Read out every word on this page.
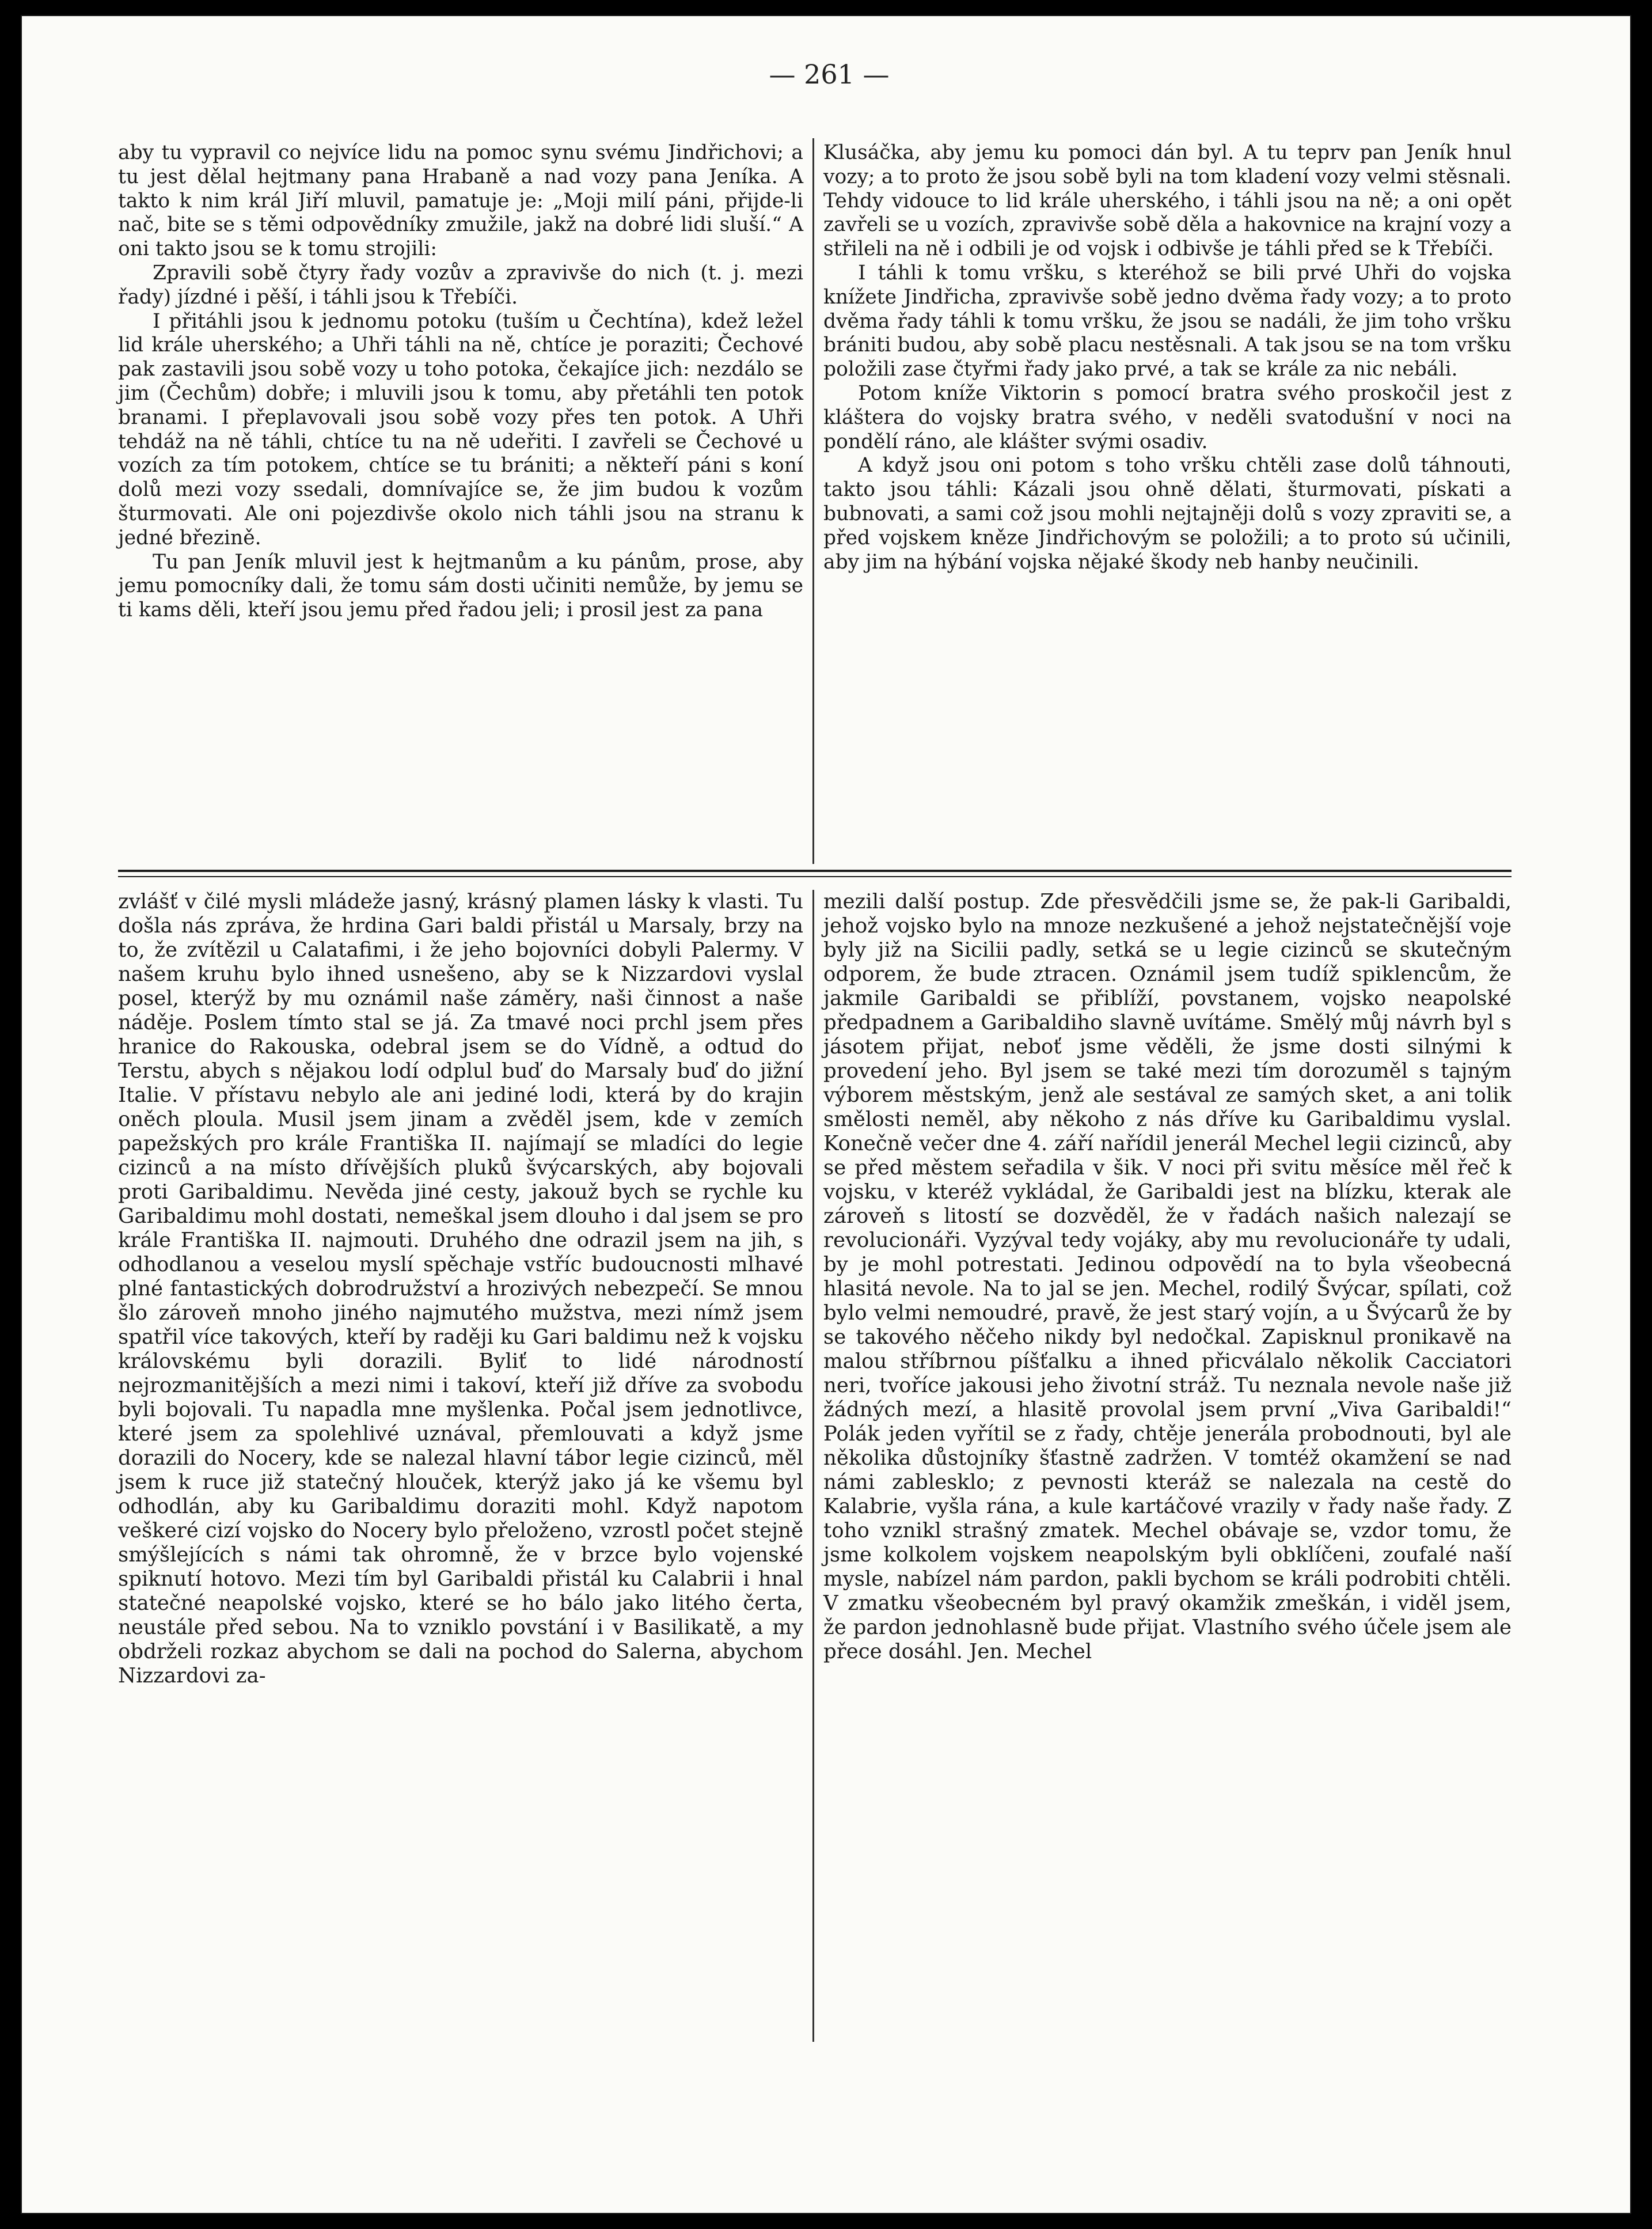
— 261 —

aby tu vypravil co nejvíce lidu na pomoc synu svému Jindřichovi; a tu jest dělal hejtmany pana Hrabaně a nad vozy pana Jeníka. A takto k nim král Jiří mluvil, pamatuje je: „Moji milí páni, přijde-li nač, bite se s těmi odpovědníky zmužile, jakž na dobré lidi sluší.“ A oni takto jsou se k tomu strojili:

Zpravili sobě čtyry řady vozův a zpravivše do nich (t. j. mezi řady) jízdné i pěší, i táhli jsou k Třebíči.

I přitáhli jsou k jednomu potoku (tuším u Čechtína), kdež ležel lid krále uherského; a Uhři táhli na ně, chtíce je poraziti; Čechové pak zastavili jsou sobě vozy u toho potoka, čekajíce jich: nezdálo se jim (Čechům) dobře; i mluvili jsou k tomu, aby přetáhli ten potok branami. I přeplavovali jsou sobě vozy přes ten potok. A Uhři tehdáž na ně táhli, chtíce tu na ně udeřiti. I zavřeli se Čechové u vozích za tím potokem, chtíce se tu brániti; a někteří páni s koní dolů mezi vozy ssedali, domnívajíce se, že jim budou k vozům šturmovati. Ale oni pojezdivše okolo nich táhli jsou na stranu k jedné březině.

Tu pan Jeník mluvil jest k hejtmanům a ku pánům, prose, aby jemu pomocníky dali, že tomu sám dosti učiniti nemůže, by jemu se ti kams děli, kteří jsou jemu před řadou jeli; i prosil jest za pana

Klusáčka, aby jemu ku pomoci dán byl. A tu teprv pan Jeník hnul vozy; a to proto že jsou sobě byli na tom kladení vozy velmi stěsnali. Tehdy vidouce to lid krále uherského, i táhli jsou na ně; a oni opět zavřeli se u vozích, zpravivše sobě děla a hakovnice na krajní vozy a střileli na ně i odbili je od vojsk i odbivše je táhli před se k Třebíči.

I táhli k tomu vršku, s kteréhož se bili prvé Uhři do vojska knížete Jindřicha, zpravivše sobě jedno dvěma řady vozy; a to proto dvěma řady táhli k tomu vršku, že jsou se nadáli, že jim toho vršku brániti budou, aby sobě placu nestěsnali. A tak jsou se na tom vršku položili zase čtyřmi řady jako prvé, a tak se krále za nic nebáli.

Potom kníže Viktorin s pomocí bratra svého proskočil jest z kláštera do vojsky bratra svého, v neděli svatodušní v noci na pondělí ráno, ale klášter svými osadiv.

A když jsou oni potom s toho vršku chtěli zase dolů táhnouti, takto jsou táhli: Kázali jsou ohně dělati, šturmovati, pískati a bubnovati, a sami což jsou mohli nejtajněji dolů s vozy zpraviti se, a před vojskem kněze Jindřichovým se položili; a to proto sú učinili, aby jim na hýbání vojska nějaké škody neb hanby neučinili.

zvlášť v čilé mysli mládeže jasný, krásný plamen lásky k vlasti. Tu došla nás zpráva, že hrdina Gari baldi přistál u Marsaly, brzy na to, že zvítězil u Calatafimi, i že jeho bojovníci dobyli Palermy. V našem kruhu bylo ihned usnešeno, aby se k Nizzardovi vyslal posel, kterýž by mu oznámil naše záměry, naši činnost a naše náděje. Poslem tímto stal se já. Za tmavé noci prchl jsem přes hranice do Rakouska, odebral jsem se do Vídně, a odtud do Terstu, abych s nějakou lodí odplul buď do Marsaly buď do jižní Italie. V přístavu nebylo ale ani jediné lodi, která by do krajin oněch ploula. Musil jsem jinam a zvěděl jsem, kde v zemích papežských pro krále Františka II. najímají se mladíci do legie cizinců a na místo dřívějších pluků švýcarských, aby bojovali proti Garibaldimu. Nevěda jiné cesty, jakouž bych se rychle ku Garibaldimu mohl dostati, nemeškal jsem dlouho i dal jsem se pro krále Františka II. najmouti. Druhého dne odrazil jsem na jih, s odhodlanou a veselou myslí spěchaje vstříc budoucnosti mlhavé plné fantastických dobrodružství a hrozivých nebezpečí. Se mnou šlo zároveň mnoho jiného najmutého mužstva, mezi nímž jsem spatřil více takových, kteří by raději ku Gari baldimu než k vojsku královskému byli dorazili. Byliť to lidé národností nejrozmanitějších a mezi nimi i takoví, kteří již dříve za svobodu byli bojovali. Tu napadla mne myšlenka. Počal jsem jednotlivce, které jsem za spolehlivé uznával, přemlouvati a když jsme dorazili do Nocery, kde se nalezal hlavní tábor legie cizinců, měl jsem k ruce již statečný hlouček, kterýž jako já ke všemu byl odhodlán, aby ku Garibaldimu doraziti mohl. Když napotom veškeré cizí vojsko do Nocery bylo přeloženo, vzrostl počet stejně smýšlejících s námi tak ohromně, že v brzce bylo vojenské spiknutí hotovo. Mezi tím byl Garibaldi přistál ku Calabrii i hnal statečné neapolské vojsko, které se ho bálo jako litého čerta, neustále před sebou. Na to vzniklo povstání i v Basilikatě, a my obdrželi rozkaz abychom se dali na pochod do Salerna, abychom Nizzardovi za-

mezili další postup. Zde přesvědčili jsme se, že pak-li Garibaldi, jehož vojsko bylo na mnoze nezkušené a jehož nejstatečnější voje byly již na Sicilii padly, setká se u legie cizinců se skutečným odporem, že bude ztracen. Oznámil jsem tudíž spiklencům, že jakmile Garibaldi se přiblíží, povstanem, vojsko neapolské předpadnem a Garibaldiho slavně uvítáme. Smělý můj návrh byl s jásotem přijat, neboť jsme věděli, že jsme dosti silnými k provedení jeho. Byl jsem se také mezi tím dorozuměl s tajným výborem městským, jenž ale sestával ze samých sket, a ani tolik smělosti neměl, aby někoho z nás dříve ku Garibaldimu vyslal. Konečně večer dne 4. září nařídil jenerál Mechel legii cizinců, aby se před městem seřadila v šik. V noci při svitu měsíce měl řeč k vojsku, v kteréž vykládal, že Garibaldi jest na blízku, kterak ale zároveň s litostí se dozvěděl, že v řadách našich nalezají se revolucionáři. Vyzýval tedy vojáky, aby mu revolucionáře ty udali, by je mohl potrestati. Jedinou odpovědí na to byla všeobecná hlasitá nevole. Na to jal se jen. Mechel, rodilý Švýcar, spílati, což bylo velmi nemoudré, pravě, že jest starý vojín, a u Švýcarů že by se takového něčeho nikdy byl nedočkal. Zapisknul pronikavě na malou stříbrnou píšťalku a ihned přicválalo několik Cacciatori neri, tvoříce jakousi jeho životní stráž. Tu neznala nevole naše již žádných mezí, a hlasitě provolal jsem první „Viva Garibaldi!“ Polák jeden vyřítil se z řady, chtěje jenerála probodnouti, byl ale několika důstojníky šťastně zadržen. V tomtéž okamžení se nad námi zablesklo; z pevnosti kteráž se nalezala na cestě do Kalabrie, vyšla rána, a kule kartáčové vrazily v řady naše řady. Z toho vznikl strašný zmatek. Mechel obávaje se, vzdor tomu, že jsme kolkolem vojskem neapolským byli obklíčeni, zoufalé naší mysle, nabízel nám pardon, pakli bychom se králi podrobiti chtěli. V zmatku všeobecném byl pravý okamžik zmeškán, i viděl jsem, že pardon jednohlasně bude přijat. Vlastního svého účele jsem ale přece dosáhl. Jen. Mechel
